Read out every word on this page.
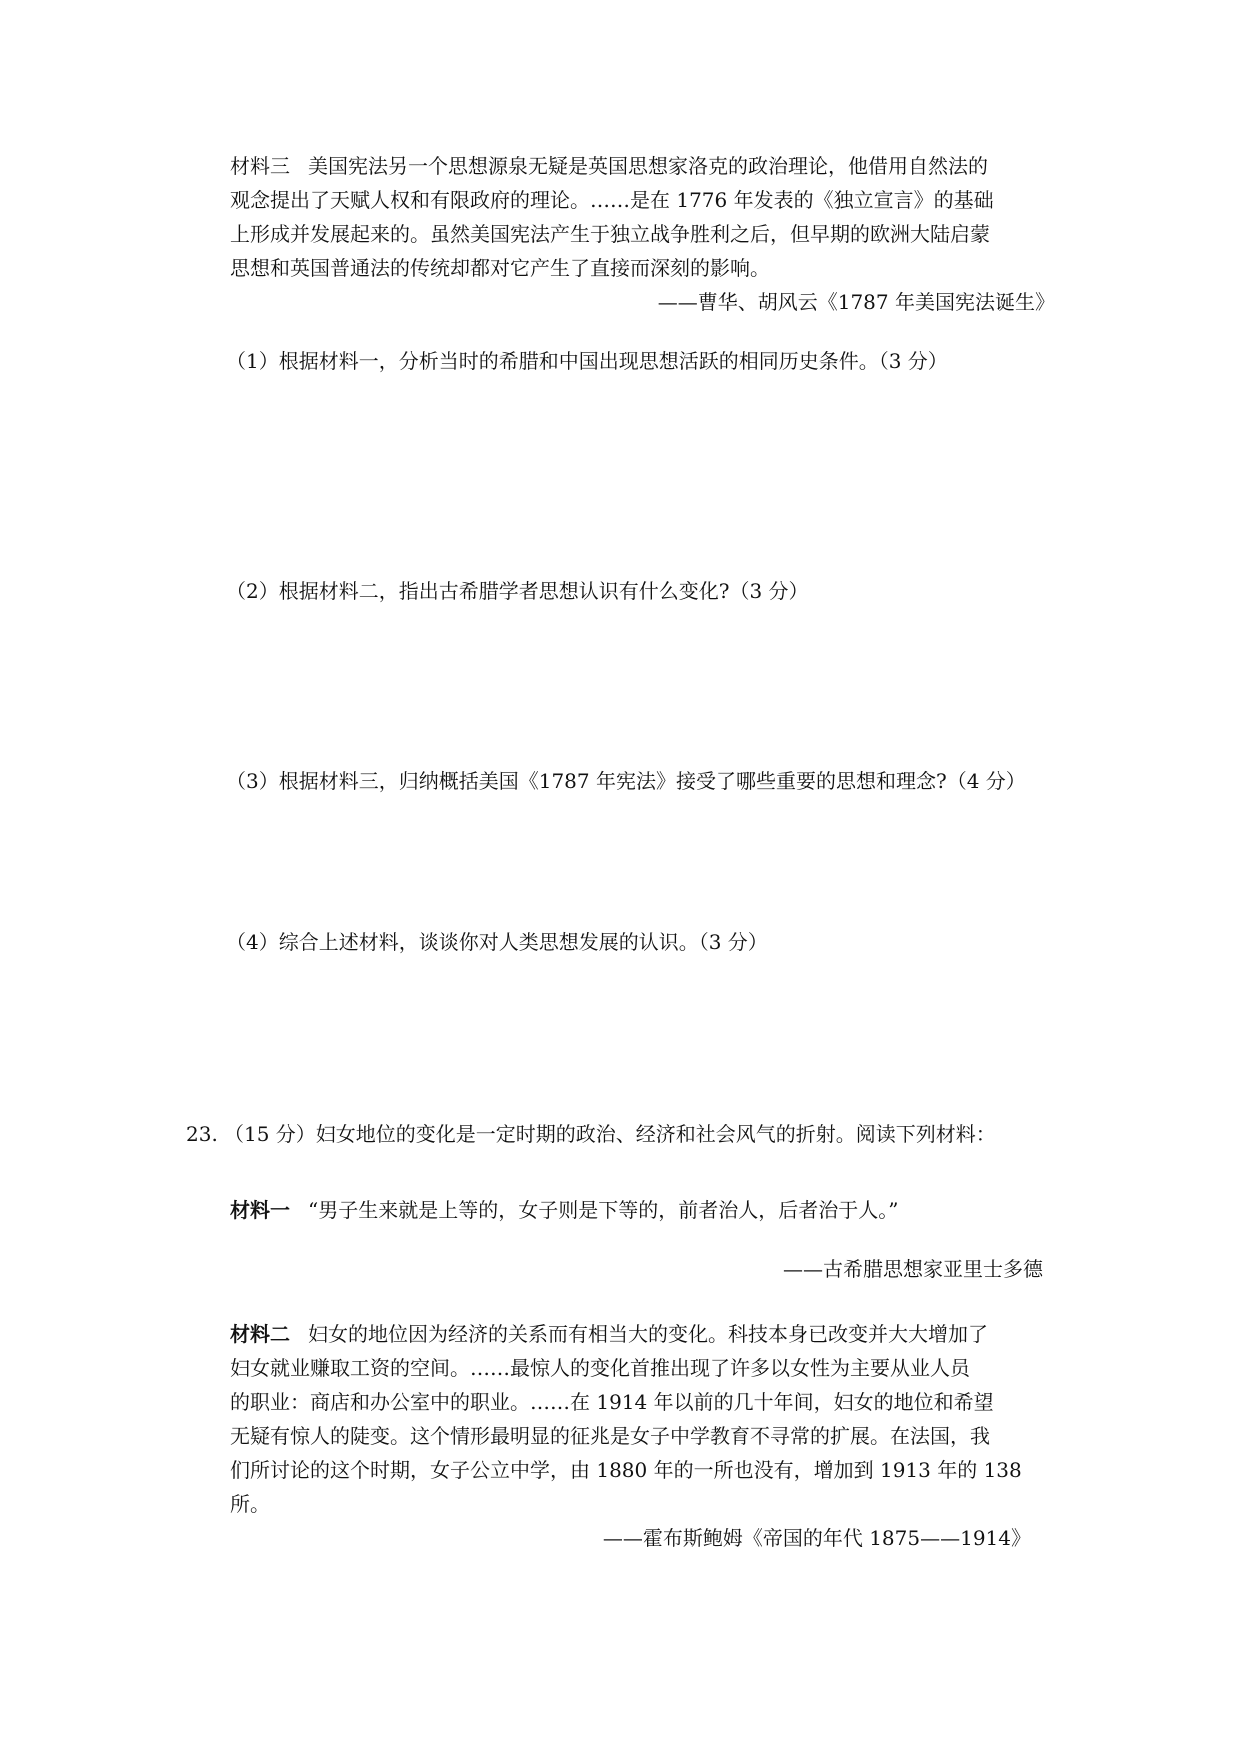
材料三 美国宪法另一个思想源泉无疑是英国思想家洛克的政治理论，他借用自然法的
观念提出了天赋人权和有限政府的理论。……是在 1776 年发表的《独立宣言》的基础
上形成并发展起来的。虽然美国宪法产生于独立战争胜利之后，但早期的欧洲大陆启蒙
思想和英国普通法的传统却都对它产生了直接而深刻的影响。
——曹华、胡风云《1787 年美国宪法诞生》
（1）根据材料一，分析当时的希腊和中国出现思想活跃的相同历史条件。（3 分）
（2）根据材料二，指出古希腊学者思想认识有什么变化?（3 分）
（3）根据材料三，归纳概括美国《1787 年宪法》接受了哪些重要的思想和理念?（4 分）
（4）综合上述材料，谈谈你对人类思想发展的认识。（3 分）
23. （15 分）妇女地位的变化是一定时期的政治、经济和社会风气的折射。阅读下列材料：
材料一 “男子生来就是上等的，女子则是下等的，前者治人，后者治于人。”
——古希腊思想家亚里士多德
材料二 妇女的地位因为经济的关系而有相当大的变化。科技本身已改变并大大增加了
妇女就业赚取工资的空间。……最惊人的变化首推出现了许多以女性为主要从业人员
的职业：商店和办公室中的职业。……在 1914 年以前的几十年间，妇女的地位和希望
无疑有惊人的陡变。这个情形最明显的征兆是女子中学教育不寻常的扩展。在法国，我
们所讨论的这个时期，女子公立中学，由 1880 年的一所也没有，增加到 1913 年的 138
所。
——霍布斯鲍姆《帝国的年代 1875——1914》
